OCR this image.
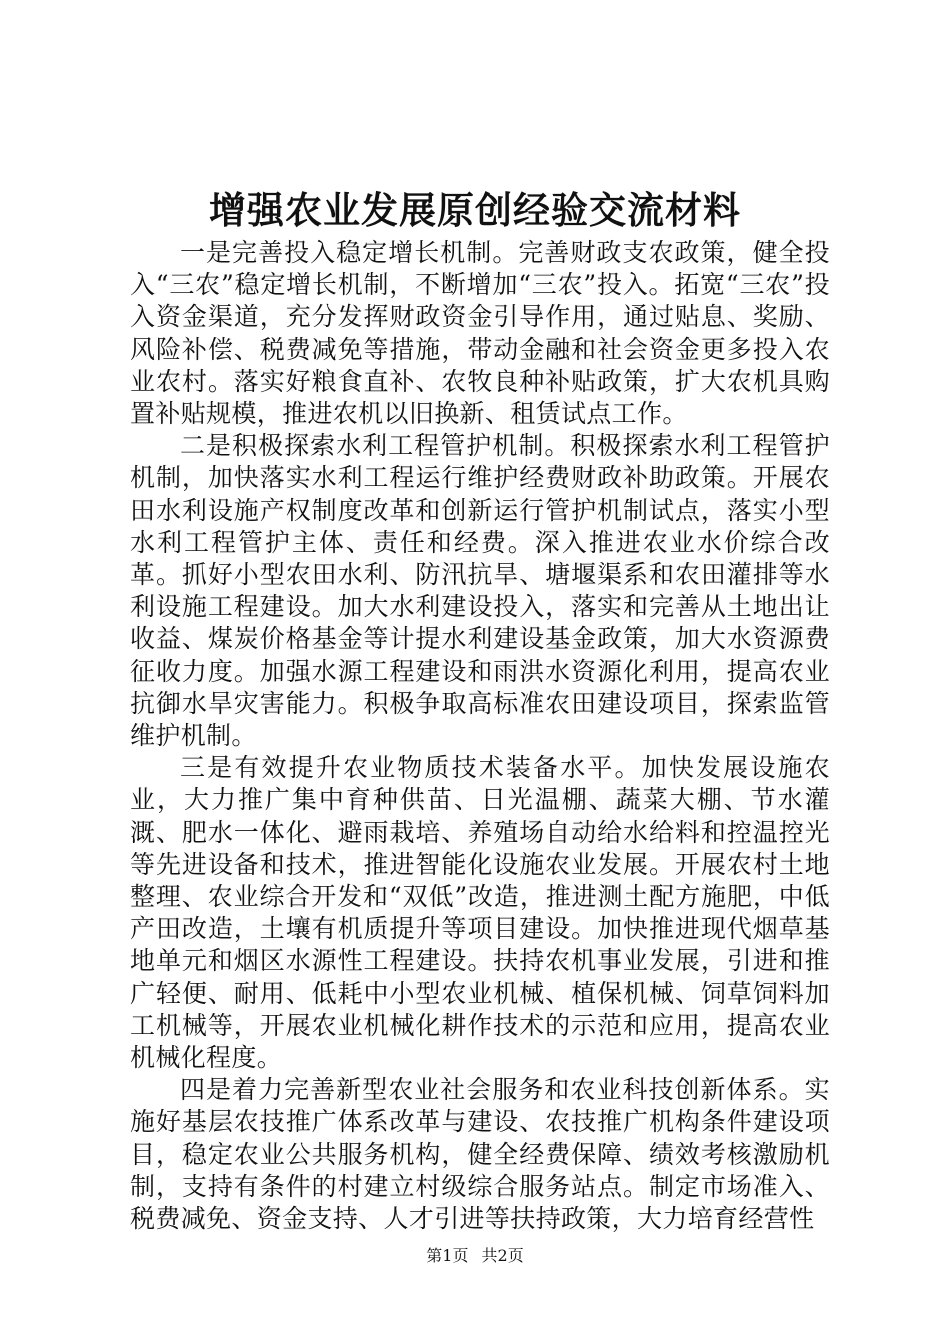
增强农业发展原创经验交流材料

一是完善投入稳定增长机制。完善财政支农政策，健全投入“三农”稳定增长机制，不断增加“三农”投入。拓宽“三农”投入资金渠道，充分发挥财政资金引导作用，通过贴息、奖励、风险补偿、税费减免等措施，带动金融和社会资金更多投入农业农村。落实好粮食直补、农牧良种补贴政策，扩大农机具购置补贴规模，推进农机以旧换新、租赁试点工作。

二是积极探索水利工程管护机制。积极探索水利工程管护机制，加快落实水利工程运行维护经费财政补助政策。开展农田水利设施产权制度改革和创新运行管护机制试点，落实小型水利工程管护主体、责任和经费。深入推进农业水价综合改革。抓好小型农田水利、防汛抗旱、塘堰渠系和农田灌排等水利设施工程建设。加大水利建设投入，落实和完善从土地出让收益、煤炭价格基金等计提水利建设基金政策，加大水资源费征收力度。加强水源工程建设和雨洪水资源化利用，提高农业抗御水旱灾害能力。积极争取高标准农田建设项目，探索监管维护机制。

三是有效提升农业物质技术装备水平。加快发展设施农业，大力推广集中育种供苗、日光温棚、蔬菜大棚、节水灌溉、肥水一体化、避雨栽培、养殖场自动给水给料和控温控光等先进设备和技术，推进智能化设施农业发展。开展农村土地整理、农业综合开发和“双低”改造，推进测土配方施肥，中低产田改造，土壤有机质提升等项目建设。加快推进现代烟草基地单元和烟区水源性工程建设。扶持农机事业发展，引进和推广轻便、耐用、低耗中小型农业机械、植保机械、饲草饲料加工机械等，开展农业机械化耕作技术的示范和应用，提高农业机械化程度。

四是着力完善新型农业社会服务和农业科技创新体系。实施好基层农技推广体系改革与建设、农技推广机构条件建设项目，稳定农业公共服务机构，健全经费保障、绩效考核激励机制，支持有条件的村建立村级综合服务站点。制定市场准入、税费减免、资金支持、人才引进等扶持政策，大力培育经营性

第1页 共2页
